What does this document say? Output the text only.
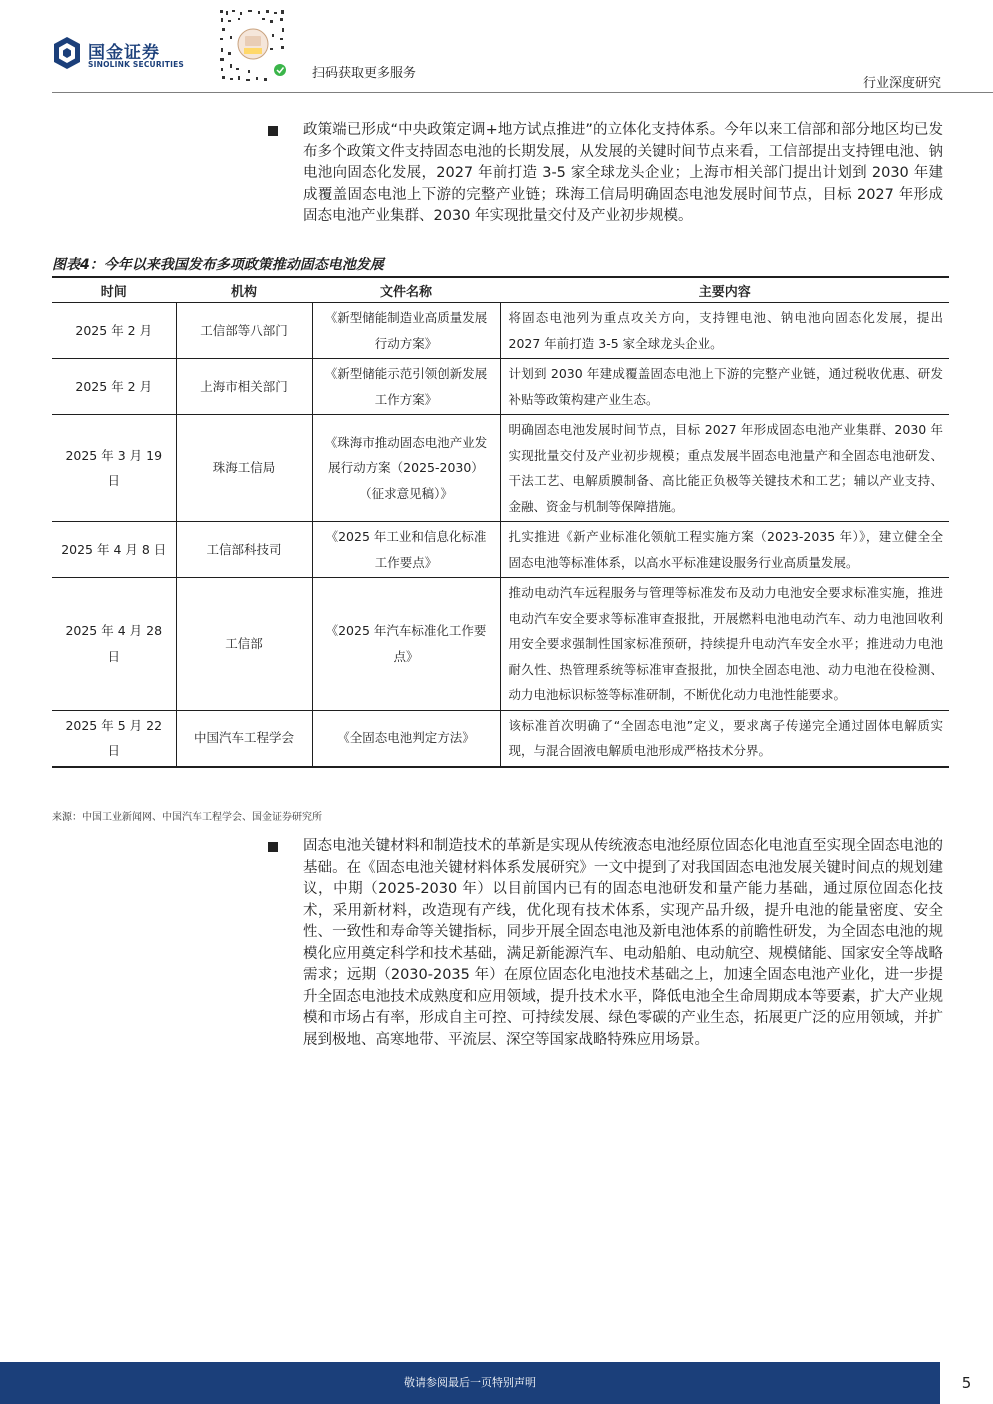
国金证券
SINOLINK SECURITIES
扫码获取更多服务
行业深度研究

政策端已形成“中央政策定调+地方试点推进”的立体化支持体系。今年以来工信部和部分地区均已发布多个政策文件支持固态电池的长期发展，从发展的关键时间节点来看，工信部提出支持锂电池、钠电池向固态化发展，2027 年前打造 3-5 家全球龙头企业；上海市相关部门提出计划到 2030 年建成覆盖固态电池上下游的完整产业链；珠海工信局明确固态电池发展时间节点，目标 2027 年形成固态电池产业集群、2030 年实现批量交付及产业初步规模。

图表4：今年以来我国发布多项政策推动固态电池发展
时间	机构	文件名称	主要内容
2025 年 2 月	工信部等八部门	《新型储能制造业高质量发展行动方案》	将固态电池列为重点攻关方向，支持锂电池、钠电池向固态化发展，提出 2027 年前打造 3-5 家全球龙头企业。
2025 年 2 月	上海市相关部门	《新型储能示范引领创新发展工作方案》	计划到 2030 年建成覆盖固态电池上下游的完整产业链，通过税收优惠、研发补贴等政策构建产业生态。
2025 年 3 月 19 日	珠海工信局	《珠海市推动固态电池产业发展行动方案（2025-2030）（征求意见稿）》	明确固态电池发展时间节点，目标 2027 年形成固态电池产业集群、2030 年实现批量交付及产业初步规模；重点发展半固态电池量产和全固态电池研发、干法工艺、电解质膜制备、高比能正负极等关键技术和工艺；辅以产业支持、金融、资金与机制等保障措施。
2025 年 4 月 8 日	工信部科技司	《2025 年工业和信息化标准工作要点》	扎实推进《新产业标准化领航工程实施方案（2023-2035 年）》，建立健全全固态电池等标准体系，以高水平标准建设服务行业高质量发展。
2025 年 4 月 28 日	工信部	《2025 年汽车标准化工作要点》	推动电动汽车远程服务与管理等标准发布及动力电池安全要求标准实施，推进电动汽车安全要求等标准审查报批，开展燃料电池电动汽车、动力电池回收利用安全要求强制性国家标准预研，持续提升电动汽车安全水平；推进动力电池耐久性、热管理系统等标准审查报批，加快全固态电池、动力电池在役检测、动力电池标识标签等标准研制，不断优化动力电池性能要求。
2025 年 5 月 22 日	中国汽车工程学会	《全固态电池判定方法》	该标准首次明确了“全固态电池”定义，要求离子传递完全通过固体电解质实现，与混合固液电解质电池形成严格技术分界。
来源：中国工业新闻网、中国汽车工程学会、国金证券研究所

固态电池关键材料和制造技术的革新是实现从传统液态电池经原位固态化电池直至实现全固态电池的基础。在《固态电池关键材料体系发展研究》一文中提到了对我国固态电池发展关键时间点的规划建议，中期（2025-2030 年）以目前国内已有的固态电池研发和量产能力基础，通过原位固态化技术，采用新材料，改造现有产线，优化现有技术体系，实现产品升级，提升电池的能量密度、安全性、一致性和寿命等关键指标，同步开展全固态电池及新电池体系的前瞻性研发，为全固态电池的规模化应用奠定科学和技术基础，满足新能源汽车、电动船舶、电动航空、规模储能、国家安全等战略需求；远期（2030-2035 年）在原位固态化电池技术基础之上，加速全固态电池产业化，进一步提升全固态电池技术成熟度和应用领域，提升技术水平，降低电池全生命周期成本等要素，扩大产业规模和市场占有率，形成自主可控、可持续发展、绿色零碳的产业生态，拓展更广泛的应用领域，并扩展到极地、高寒地带、平流层、深空等国家战略特殊应用场景。

敬请参阅最后一页特别声明	5
